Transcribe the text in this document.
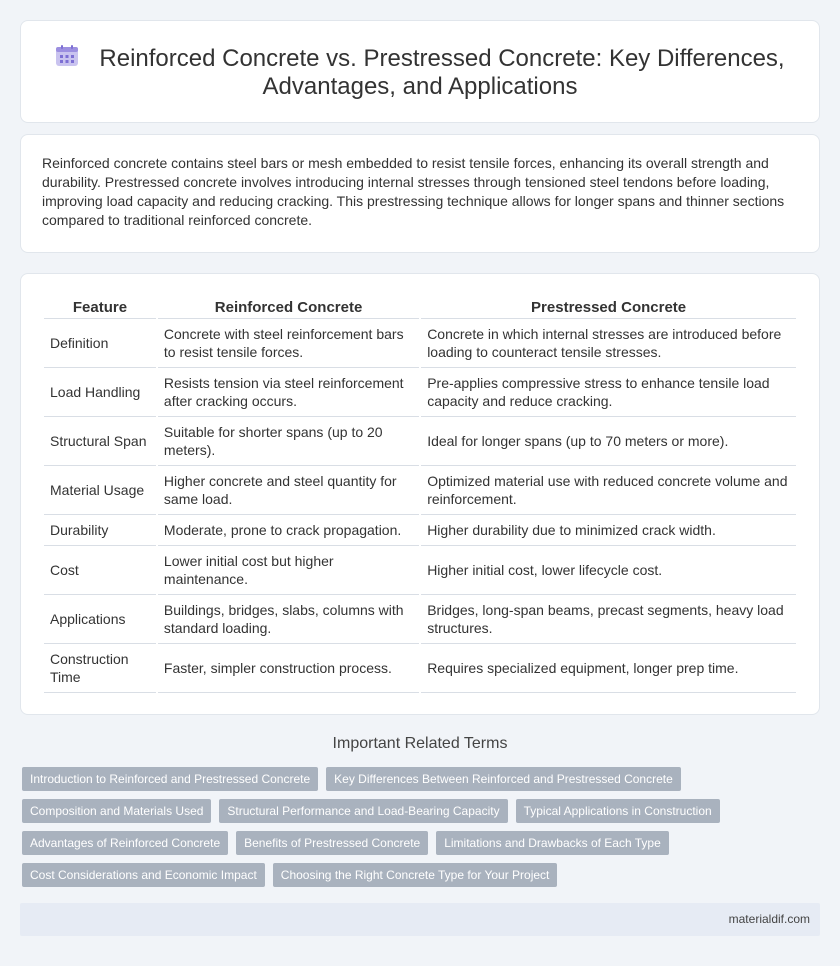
Reinforced Concrete vs. Prestressed Concrete: Key Differences,
Advantages, and Applications

Reinforced concrete contains steel bars or mesh embedded to resist tensile forces, enhancing its overall strength and durability. Prestressed concrete involves introducing internal stresses through tensioned steel tendons before loading, improving load capacity and reducing cracking. This prestressing technique allows for longer spans and thinner sections compared to traditional reinforced concrete.

Feature	Reinforced Concrete	Prestressed Concrete
Definition	Concrete with steel reinforcement bars to resist tensile forces.	Concrete in which internal stresses are introduced before loading to counteract tensile stresses.
Load Handling	Resists tension via steel reinforcement after cracking occurs.	Pre-applies compressive stress to enhance tensile load capacity and reduce cracking.
Structural Span	Suitable for shorter spans (up to 20 meters).	Ideal for longer spans (up to 70 meters or more).
Material Usage	Higher concrete and steel quantity for same load.	Optimized material use with reduced concrete volume and reinforcement.
Durability	Moderate, prone to crack propagation.	Higher durability due to minimized crack width.
Cost	Lower initial cost but higher maintenance.	Higher initial cost, lower lifecycle cost.
Applications	Buildings, bridges, slabs, columns with standard loading.	Bridges, long-span beams, precast segments, heavy load structures.
Construction Time	Faster, simpler construction process.	Requires specialized equipment, longer prep time.
Important Related Terms
Introduction to Reinforced and Prestressed Concrete	Key Differences Between Reinforced and Prestressed Concrete
Composition and Materials Used	Structural Performance and Load-Bearing Capacity	Typical Applications in Construction
Advantages of Reinforced Concrete	Benefits of Prestressed Concrete	Limitations and Drawbacks of Each Type
Cost Considerations and Economic Impact	Choosing the Right Concrete Type for Your Project
materialdif.com
